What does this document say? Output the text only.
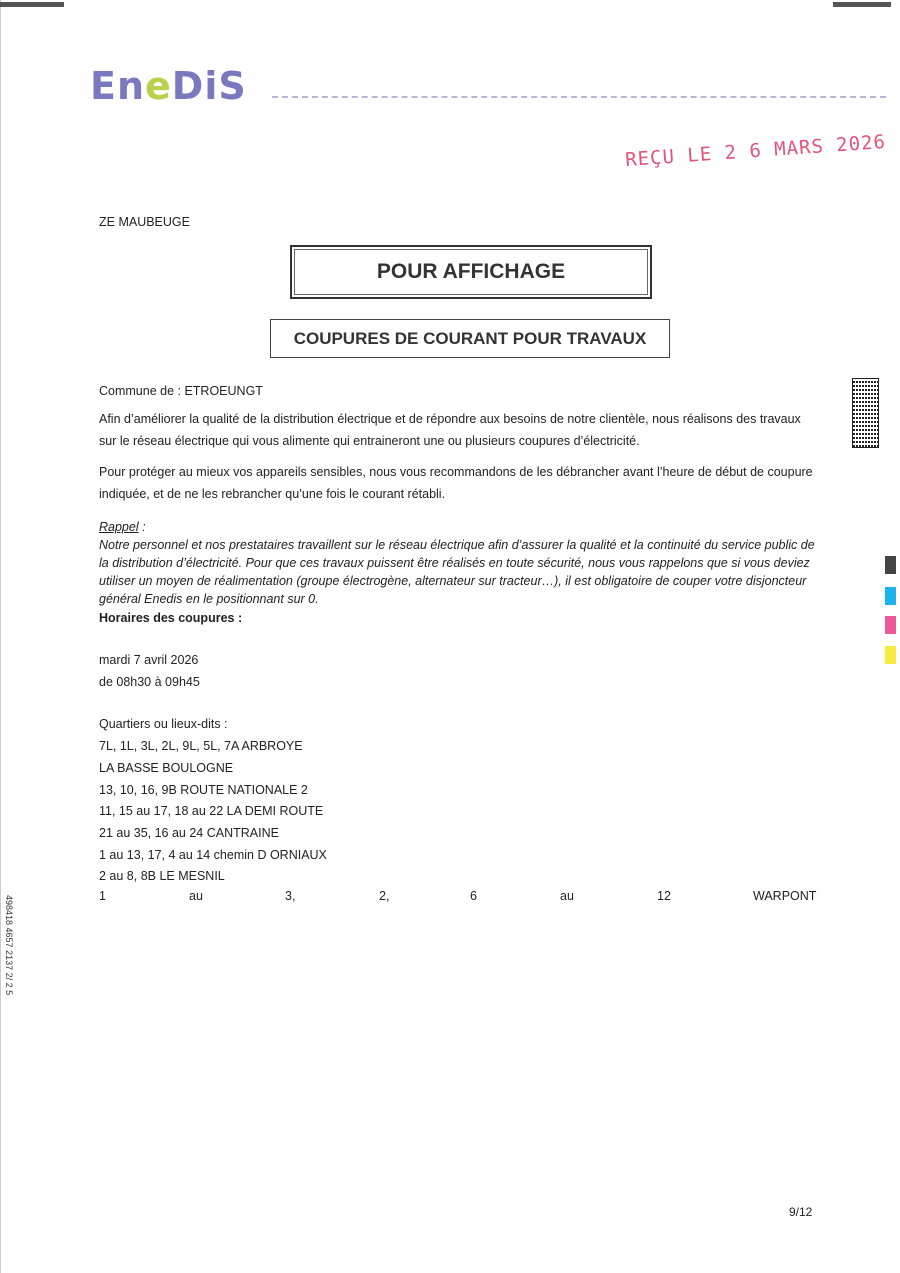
EneDiS
REÇU LE 2 6 MARS 2026
ZE MAUBEUGE
POUR AFFICHAGE
COUPURES DE COURANT POUR TRAVAUX
Commune de : ETROEUNGT
Afin d’améliorer la qualité de la distribution électrique et de répondre aux besoins de notre clientèle, nous réalisons des travaux sur le réseau électrique qui vous alimente qui entraineront une ou plusieurs coupures d’électricité.
Pour protéger au mieux vos appareils sensibles, nous vous recommandons de les débrancher avant l’heure de début de coupure indiquée, et de ne les rebrancher qu’une fois le courant rétabli.
Rappel :
Notre personnel et nos prestataires travaillent sur le réseau électrique afin d’assurer la qualité et la continuité du service public de la distribution d’électricité. Pour que ces travaux puissent être réalisés en toute sécurité, nous vous rappelons que si vous deviez utiliser un moyen de réalimentation (groupe électrogène, alternateur sur tracteur…), il est obligatoire de couper votre disjoncteur général Enedis en le positionnant sur 0.
Horaires des coupures :
mardi 7 avril 2026
de 08h30 à 09h45
Quartiers ou lieux-dits :
7L, 1L, 3L, 2L, 9L, 5L, 7A ARBROYE
LA BASSE BOULOGNE
13, 10, 16, 9B ROUTE NATIONALE 2
11, 15 au 17, 18 au 22 LA DEMI ROUTE
21 au 35, 16 au 24 CANTRAINE
1 au 13, 17, 4 au 14 chemin D ORNIAUX
2 au 8, 8B LE MESNIL
1	au	3,	2,	6	au	12	WARPONT
498418 4657 2137 2/ 2 5
9/12
